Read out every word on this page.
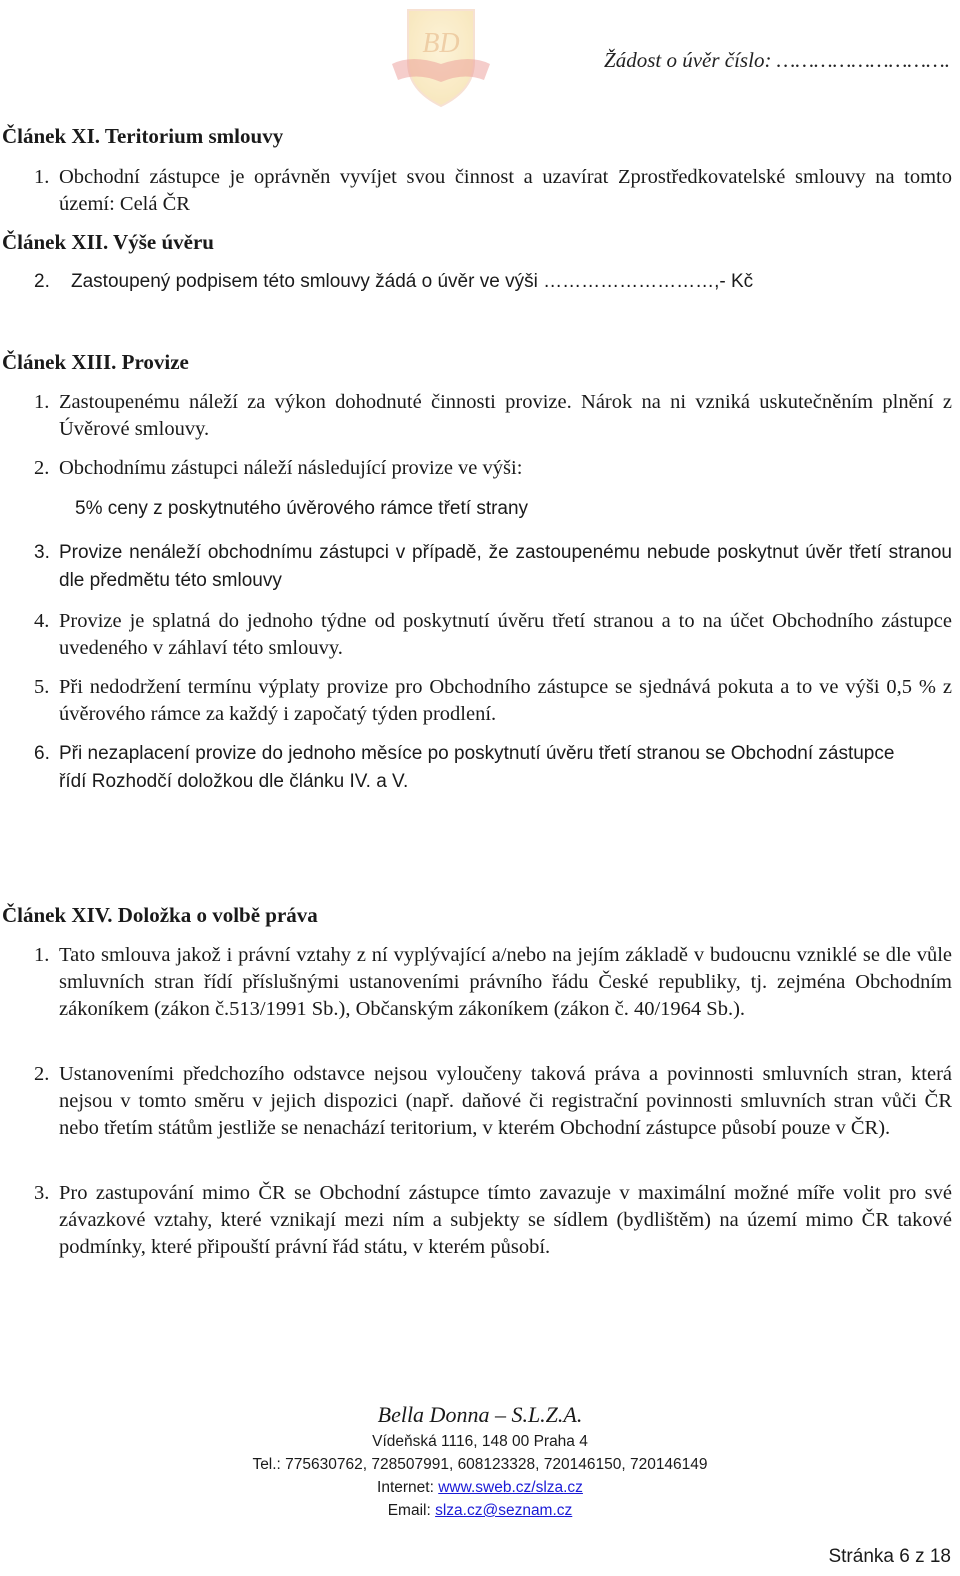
BD
Žádost o úvěr číslo: ……………………….
Článek XI. Teritorium smlouvy
1. Obchodní zástupce je oprávněn vyvíjet svou činnost a uzavírat Zprostředkovatelské smlouvy na tomto území: Celá ČR
Článek XII. Výše úvěru
2.	Zastoupený podpisem této smlouvy žádá o úvěr ve výši ………………………,- Kč
Článek XIII. Provize
1. Zastoupenému náleží za výkon dohodnuté činnosti provize. Nárok na ni vzniká uskutečněním plnění z Úvěrové smlouvy.
2. Obchodnímu zástupci náleží následující provize ve výši:
5% ceny z poskytnutého úvěrového rámce třetí strany
3. Provize nenáleží obchodnímu zástupci v případě, že zastoupenému nebude poskytnut úvěr třetí stranou dle předmětu této smlouvy
4. Provize je splatná do jednoho týdne od poskytnutí úvěru třetí stranou a to na účet Obchodního zástupce uvedeného v záhlaví této smlouvy.
5. Při nedodržení termínu výplaty provize pro Obchodního zástupce se sjednává pokuta a to ve výši 0,5 % z úvěrového rámce za každý i započatý týden prodlení.
6. Při nezaplacení provize do jednoho měsíce po poskytnutí úvěru třetí stranou se Obchodní zástupce řídí Rozhodčí doložkou dle článku IV. a V.
Článek XIV. Doložka o volbě práva
1. Tato smlouva jakož i právní vztahy z ní vyplývající a/nebo na jejím základě v budoucnu vzniklé se dle vůle smluvních stran řídí příslušnými ustanoveními právního řádu České republiky, tj. zejména Obchodním zákoníkem (zákon č.513/1991 Sb.), Občanským zákoníkem (zákon č. 40/1964 Sb.).
2. Ustanoveními předchozího odstavce nejsou vyloučeny taková práva a povinnosti smluvních stran, která nejsou v tomto směru v jejich dispozici (např. daňové či registrační povinnosti smluvních stran vůči ČR nebo třetím státům jestliže se nenachází teritorium, v kterém Obchodní zástupce působí pouze v ČR).
3. Pro zastupování mimo ČR se Obchodní zástupce tímto zavazuje v maximální možné míře volit pro své závazkové vztahy, které vznikají mezi ním a subjekty se sídlem (bydlištěm) na území mimo ČR takové podmínky, které připouští právní řád státu, v kterém působí.
Bella Donna – S.L.Z.A.
Vídeňská 1116, 148 00 Praha 4
Tel.: 775630762, 728507991, 608123328, 720146150, 720146149
Internet: www.sweb.cz/slza.cz
Email: slza.cz@seznam.cz
Stránka 6 z 18
